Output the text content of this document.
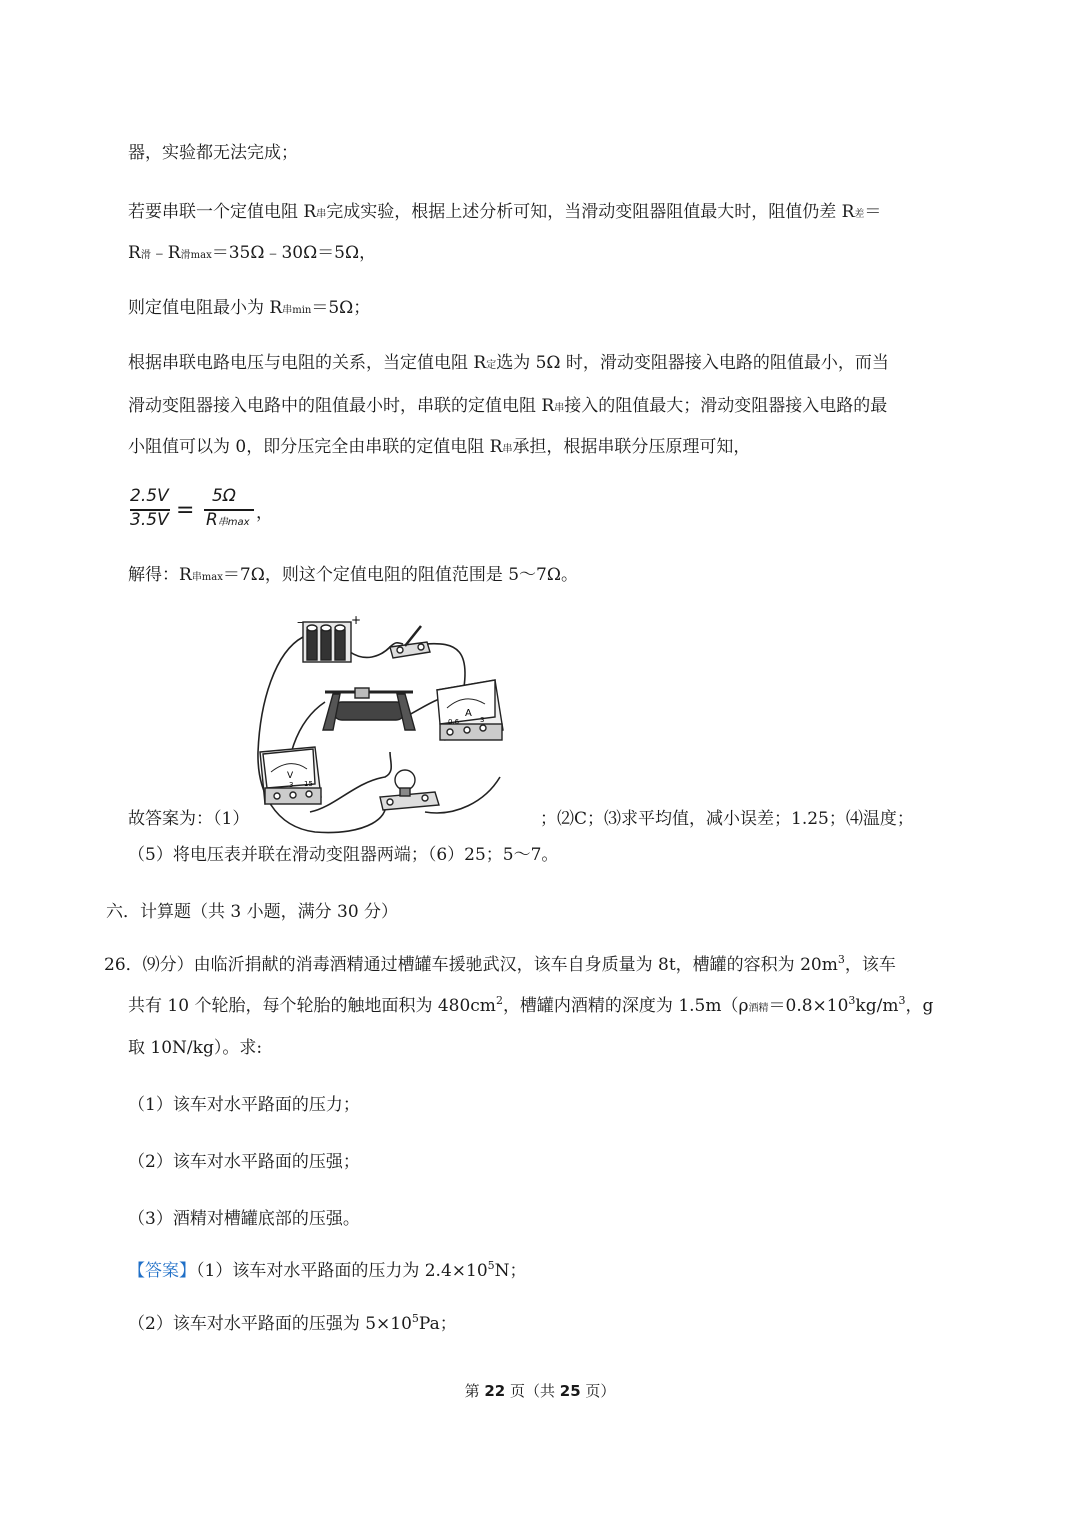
器，实验都无法完成；
若要串联一个定值电阻 R串完成实验，根据上述分析可知，当滑动变阻器阻值最大时，阻值仍差 R差＝
R滑﹣R滑max＝35Ω﹣30Ω＝5Ω，
则定值电阻最小为 R串min＝5Ω；
根据串联电路电压与电阻的关系，当定值电阻 R定选为 5Ω 时，滑动变阻器接入电路的阻值最小，而当
滑动变阻器接入电路中的阻值最小时，串联的定值电阻 R串接入的阻值最大；滑动变阻器接入电路的最
小阻值可以为 0，即分压完全由串联的定值电阻 R串承担，根据串联分压原理可知，
2.5V
3.5V =
5Ω
R串max ，
解得：R串max＝7Ω，则这个定值电阻的阻值范围是 5～7Ω。
–	+
A
0.6	3
V
3 15
故答案为：（1）	；⑵C；⑶求平均值，减小误差；1.25；⑷温度；
（5）将电压表并联在滑动变阻器两端；（6）25；5～7。
六．计算题（共 3 小题，满分 30 分）
26．⑼分）由临沂捐献的消毒酒精通过槽罐车援驰武汉，该车自身质量为 8t，槽罐的容积为 $20m^3$，该车
共有 10 个轮胎，每个轮胎的触地面积为 $480cm^2$，槽罐内酒精的深度为 1.5m（ρ酒精$=0.8\times 10^3kg/m^3$，g
取 10N/kg）。求:
（1）该车对水平路面的压力；
（2）该车对水平路面的压强；
（3）酒精对槽罐底部的压强。
【答案】（1）该车对水平路面的压力为 $2.4\times 10^5N$；
（2）该车对水平路面的压强为 $5\times 10^5Pa$；
第 22 页（共 25 页）
